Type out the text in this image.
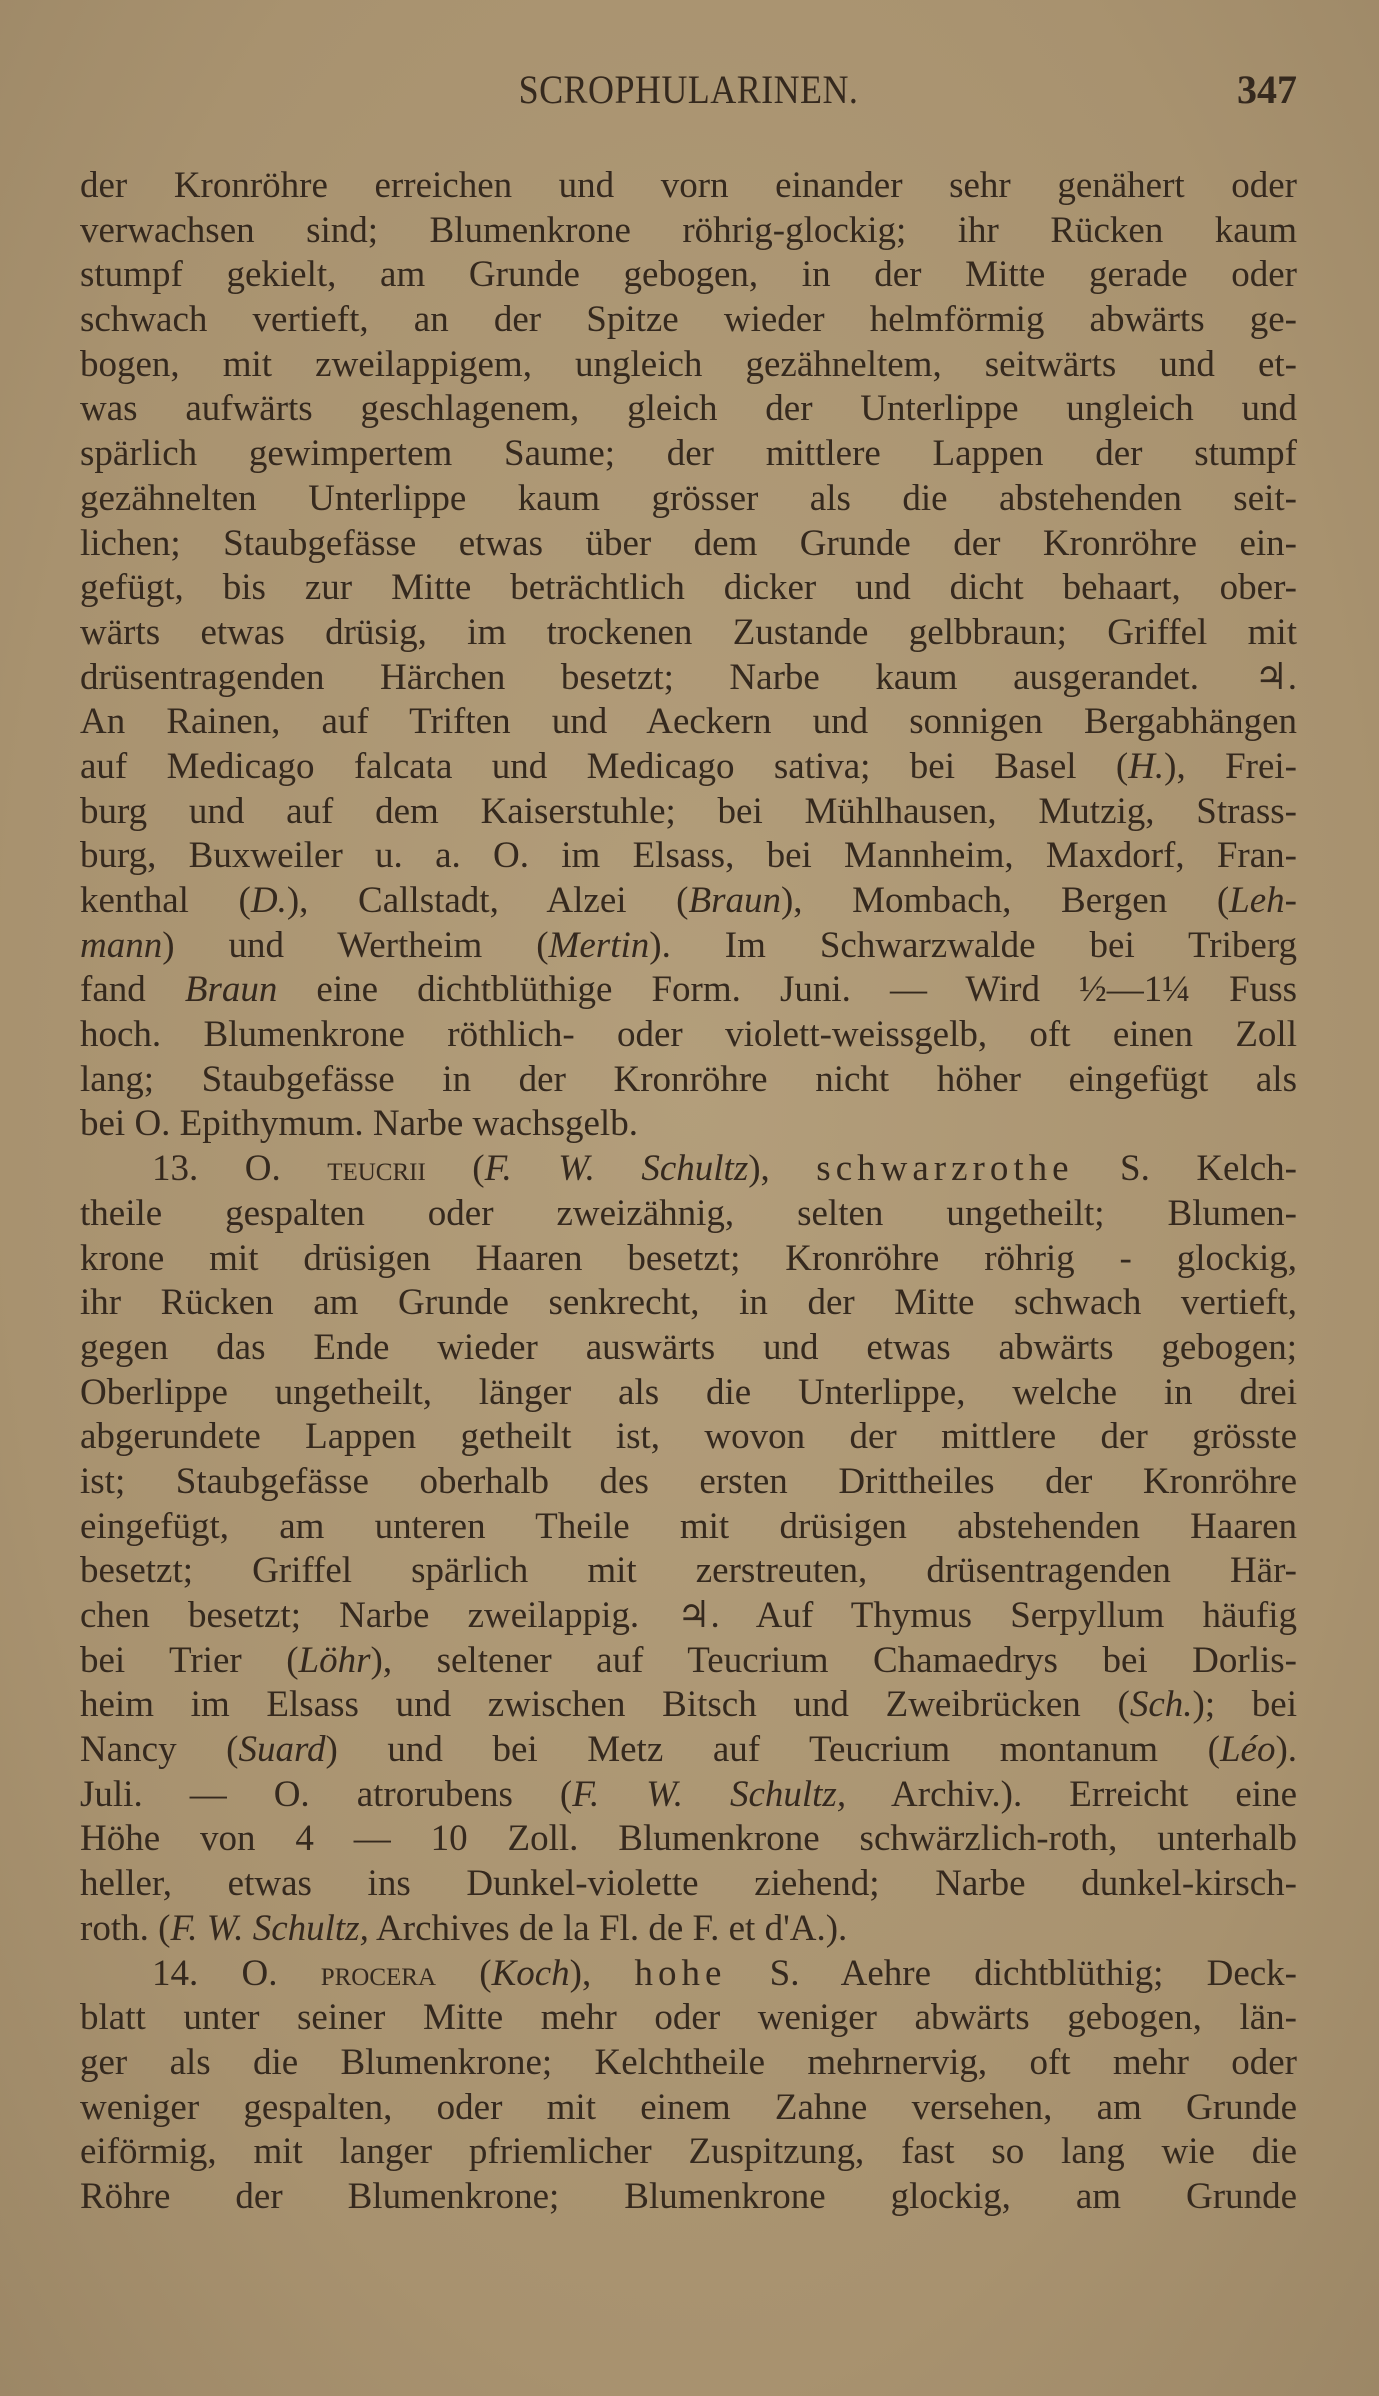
SCROPHULARINEN.	347
der Kronröhre erreichen und vorn einander sehr genähert oder
verwachsen sind; Blumenkrone röhrig-glockig; ihr Rücken kaum
stumpf gekielt, am Grunde gebogen, in der Mitte gerade oder
schwach vertieft, an der Spitze wieder helmförmig abwärts ge-
bogen, mit zweilappigem, ungleich gezähneltem, seitwärts und et-
was aufwärts geschlagenem, gleich der Unterlippe ungleich und
spärlich gewimpertem Saume; der mittlere Lappen der stumpf
gezähnelten Unterlippe kaum grösser als die abstehenden seit-
lichen; Staubgefässe etwas über dem Grunde der Kronröhre ein-
gefügt, bis zur Mitte beträchtlich dicker und dicht behaart, ober-
wärts etwas drüsig, im trockenen Zustande gelbbraun; Griffel mit
drüsentragenden Härchen besetzt; Narbe kaum ausgerandet. ♃.
An Rainen, auf Triften und Aeckern und sonnigen Bergabhängen
auf Medicago falcata und Medicago sativa; bei Basel (H.), Frei-
burg und auf dem Kaiserstuhle; bei Mühlhausen, Mutzig, Strass-
burg, Buxweiler u. a. O. im Elsass, bei Mannheim, Maxdorf, Fran-
kenthal (D.), Callstadt, Alzei (Braun), Mombach, Bergen (Leh-
mann) und Wertheim (Mertin). Im Schwarzwalde bei Triberg
fand Braun eine dichtblüthige Form. Juni. — Wird ½—1¼ Fuss
hoch. Blumenkrone röthlich- oder violett-weissgelb, oft einen Zoll
lang; Staubgefässe in der Kronröhre nicht höher eingefügt als
bei O. Epithymum. Narbe wachsgelb.
13. O. teucrii (F. W. Schultz), schwarzrothe S. Kelch-
theile gespalten oder zweizähnig, selten ungetheilt; Blumen-
krone mit drüsigen Haaren besetzt; Kronröhre röhrig - glockig,
ihr Rücken am Grunde senkrecht, in der Mitte schwach vertieft,
gegen das Ende wieder auswärts und etwas abwärts gebogen;
Oberlippe ungetheilt, länger als die Unterlippe, welche in drei
abgerundete Lappen getheilt ist, wovon der mittlere der grösste
ist; Staubgefässe oberhalb des ersten Drittheiles der Kronröhre
eingefügt, am unteren Theile mit drüsigen abstehenden Haaren
besetzt; Griffel spärlich mit zerstreuten, drüsentragenden Här-
chen besetzt; Narbe zweilappig. ♃. Auf Thymus Serpyllum häufig
bei Trier (Löhr), seltener auf Teucrium Chamaedrys bei Dorlis-
heim im Elsass und zwischen Bitsch und Zweibrücken (Sch.); bei
Nancy (Suard) und bei Metz auf Teucrium montanum (Léo).
Juli. — O. atrorubens (F. W. Schultz, Archiv.). Erreicht eine
Höhe von 4 — 10 Zoll. Blumenkrone schwärzlich-roth, unterhalb
heller, etwas ins Dunkel-violette ziehend; Narbe dunkel-kirsch-
roth. (F. W. Schultz, Archives de la Fl. de F. et d'A.).
14. O. procera (Koch), hohe S. Aehre dichtblüthig; Deck-
blatt unter seiner Mitte mehr oder weniger abwärts gebogen, län-
ger als die Blumenkrone; Kelchtheile mehrnervig, oft mehr oder
weniger gespalten, oder mit einem Zahne versehen, am Grunde
eiförmig, mit langer pfriemlicher Zuspitzung, fast so lang wie die
Röhre der Blumenkrone; Blumenkrone glockig, am Grunde
